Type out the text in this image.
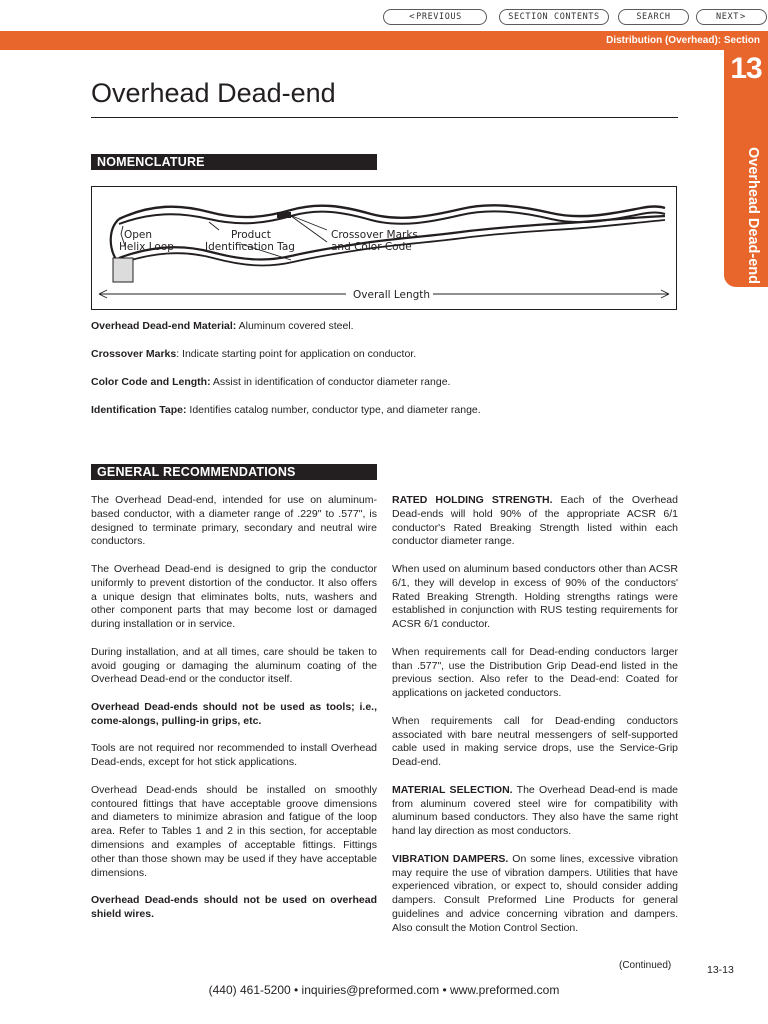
< PREVIOUS	SECTION CONTENTS	SEARCH	NEXT >
Distribution (Overhead): Section
13
Overhead Dead-end
Overhead Dead-end
NOMENCLATURE
Open
Helix Loop
Product
Identification Tag
Crossover Marks
and Color Code
Overall Length
Overhead Dead-end Material: Aluminum covered steel.
Crossover Marks: Indicate starting point for application on conductor.
Color Code and Length: Assist in identification of conductor diameter range.
Identification Tape: Identifies catalog number, conductor type, and diameter range.
GENERAL RECOMMENDATIONS

The Overhead Dead-end, intended for use on aluminum-based conductor, with a diameter range of .229" to .577", is designed to terminate primary, secondary and neutral wire conductors.

The Overhead Dead-end is designed to grip the conductor uniformly to prevent distortion of the conductor. It also offers a unique design that eliminates bolts, nuts, washers and other component parts that may become lost or damaged during installation or in service.

During installation, and at all times, care should be taken to avoid gouging or damaging the aluminum coating of the Overhead Dead-end or the conductor itself.

Overhead Dead-ends should not be used as tools; i.e., come-alongs, pulling-in grips, etc.

Tools are not required nor recommended to install Overhead Dead-ends, except for hot stick applications.

Overhead Dead-ends should be installed on smoothly contoured fittings that have acceptable groove dimensions and diameters to minimize abrasion and fatigue of the loop area. Refer to Tables 1 and 2 in this section, for acceptable dimensions and examples of acceptable fittings. Fittings other than those shown may be used if they have acceptable dimensions.

Overhead Dead-ends should not be used on overhead shield wires.

RATED HOLDING STRENGTH. Each of the Overhead Dead-ends will hold 90% of the appropriate ACSR 6/1 conductor's Rated Breaking Strength listed within each conductor diameter range.

When used on aluminum based conductors other than ACSR 6/1, they will develop in excess of 90% of the conductors' Rated Breaking Strength. Holding strengths ratings were established in conjunction with RUS testing requirements for ACSR 6/1 conductor.

When requirements call for Dead-ending conductors larger than .577", use the Distribution Grip Dead-end listed in the previous section. Also refer to the Dead-end: Coated for applications on jacketed conductors.

When requirements call for Dead-ending conductors associated with bare neutral messengers of self-supported cable used in making service drops, use the Service-Grip Dead-end.

MATERIAL SELECTION. The Overhead Dead-end is made from aluminum covered steel wire for compatibility with aluminum based conductors. They also have the same right hand lay direction as most conductors.

VIBRATION DAMPERS. On some lines, excessive vibration may require the use of vibration dampers. Utilities that have experienced vibration, or expect to, should consider adding dampers. Consult Preformed Line Products for general guidelines and advice concerning vibration and dampers. Also consult the Motion Control Section.

(Continued)	13-13
(440) 461-5200 • inquiries@preformed.com • www.preformed.com
